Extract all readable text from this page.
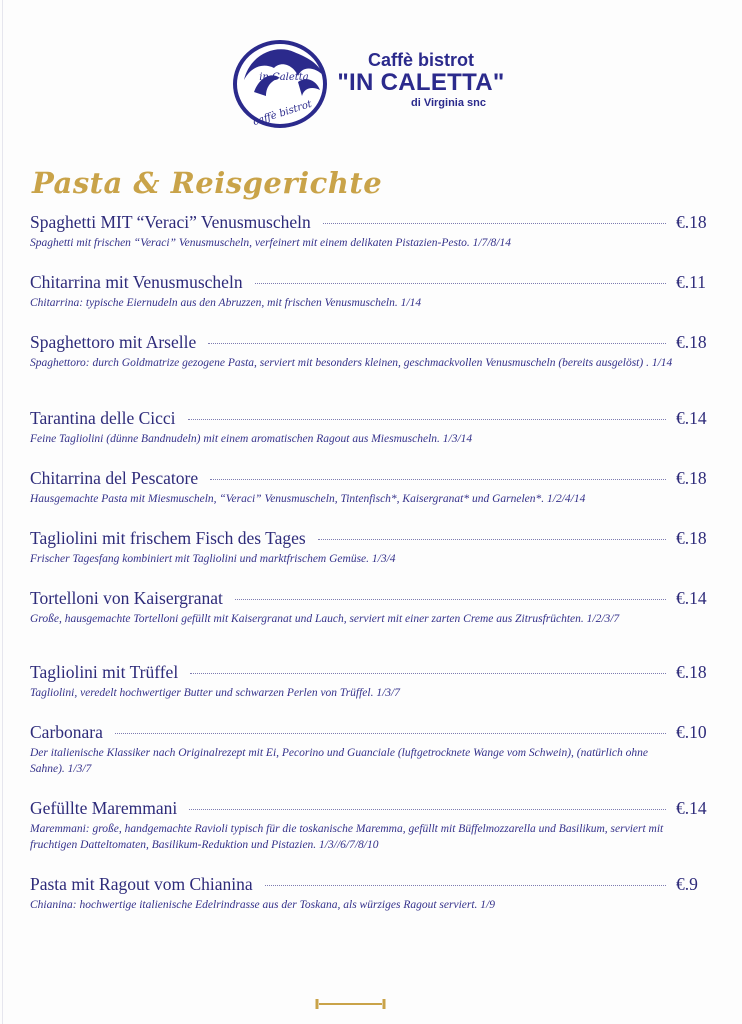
in Caletta
caffè bistrot
Caffè bistrot
"IN CALETTA"
di Virginia snc
Pasta & Reisgerichte
Spaghetti MIT “Veraci” Venusmuscheln	€.18
Spaghetti mit frischen “Veraci” Venusmuscheln, verfeinert mit einem delikaten Pistazien-Pesto. 1/7/8/14
Chitarrina mit Venusmuscheln	€.11
Chitarrina: typische Eiernudeln aus den Abruzzen, mit frischen Venusmuscheln. 1/14
Spaghettoro mit Arselle	€.18
Spaghettoro: durch Goldmatrize gezogene Pasta, serviert mit besonders kleinen, geschmackvollen Venusmuscheln (bereits ausgelöst) . 1/14
Tarantina delle Cicci	€.14
Feine Tagliolini (dünne Bandnudeln) mit einem aromatischen Ragout aus Miesmuscheln. 1/3/14
Chitarrina del Pescatore	€.18
Hausgemachte Pasta mit Miesmuscheln, “Veraci” Venusmuscheln, Tintenfisch*, Kaisergranat* und Garnelen*. 1/2/4/14
Tagliolini mit frischem Fisch des Tages	€.18
Frischer Tagesfang kombiniert mit Tagliolini und marktfrischem Gemüse. 1/3/4
Tortelloni von Kaisergranat	€.14
Große, hausgemachte Tortelloni gefüllt mit Kaisergranat und Lauch, serviert mit einer zarten Creme aus Zitrusfrüchten. 1/2/3/7
Tagliolini mit Trüffel	€.18
Tagliolini, veredelt hochwertiger Butter und schwarzen Perlen von Trüffel. 1/3/7
Carbonara	€.10
Der italienische Klassiker nach Originalrezept mit Ei, Pecorino und Guanciale (luftgetrocknete Wange vom Schwein), (natürlich ohne Sahne). 1/3/7
Gefüllte Maremmani	€.14
Maremmani: große, handgemachte Ravioli typisch für die toskanische Maremma, gefüllt mit Büffelmozzarella und Basilikum, serviert mit fruchtigen Datteltomaten, Basilikum-Reduktion und Pistazien. 1/3//6/7/8/10
Pasta mit Ragout vom Chianina	€.9
Chianina: hochwertige italienische Edelrindrasse aus der Toskana, als würziges Ragout serviert. 1/9
